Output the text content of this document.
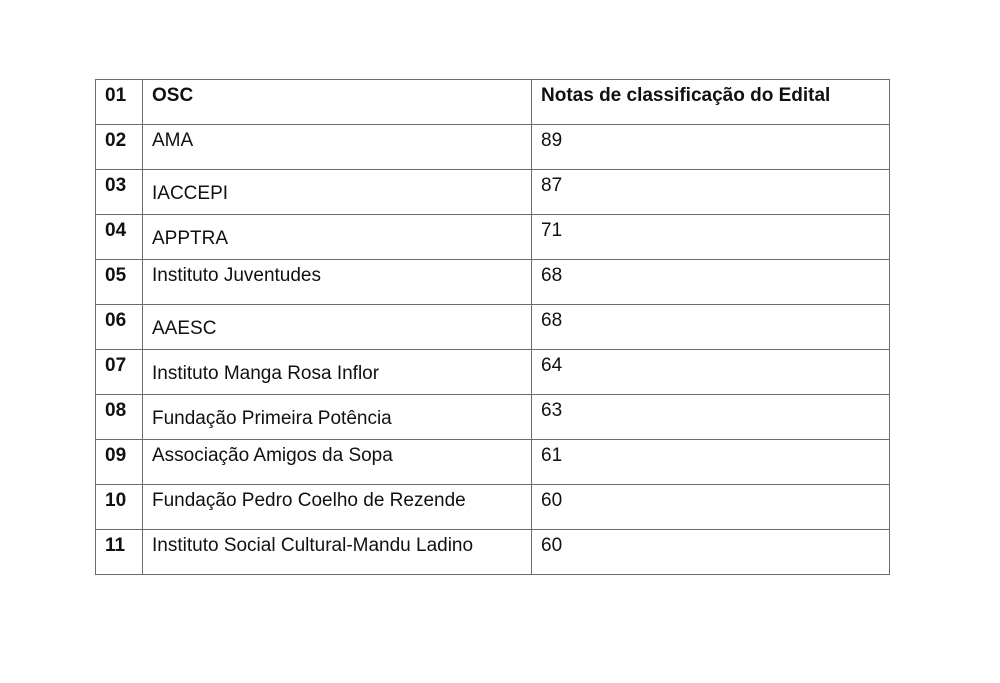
01	OSC	Notas de classificação do Edital
02	AMA	89
03	IACCEPI	87
04	APPTRA	71
05	Instituto Juventudes	68
06	AAESC	68
07	Instituto Manga Rosa Inflor	64
08	Fundação Primeira Potência	63
09	Associação Amigos da Sopa	61
10	Fundação Pedro Coelho de Rezende	60
11	Instituto Social Cultural-Mandu Ladino	60
